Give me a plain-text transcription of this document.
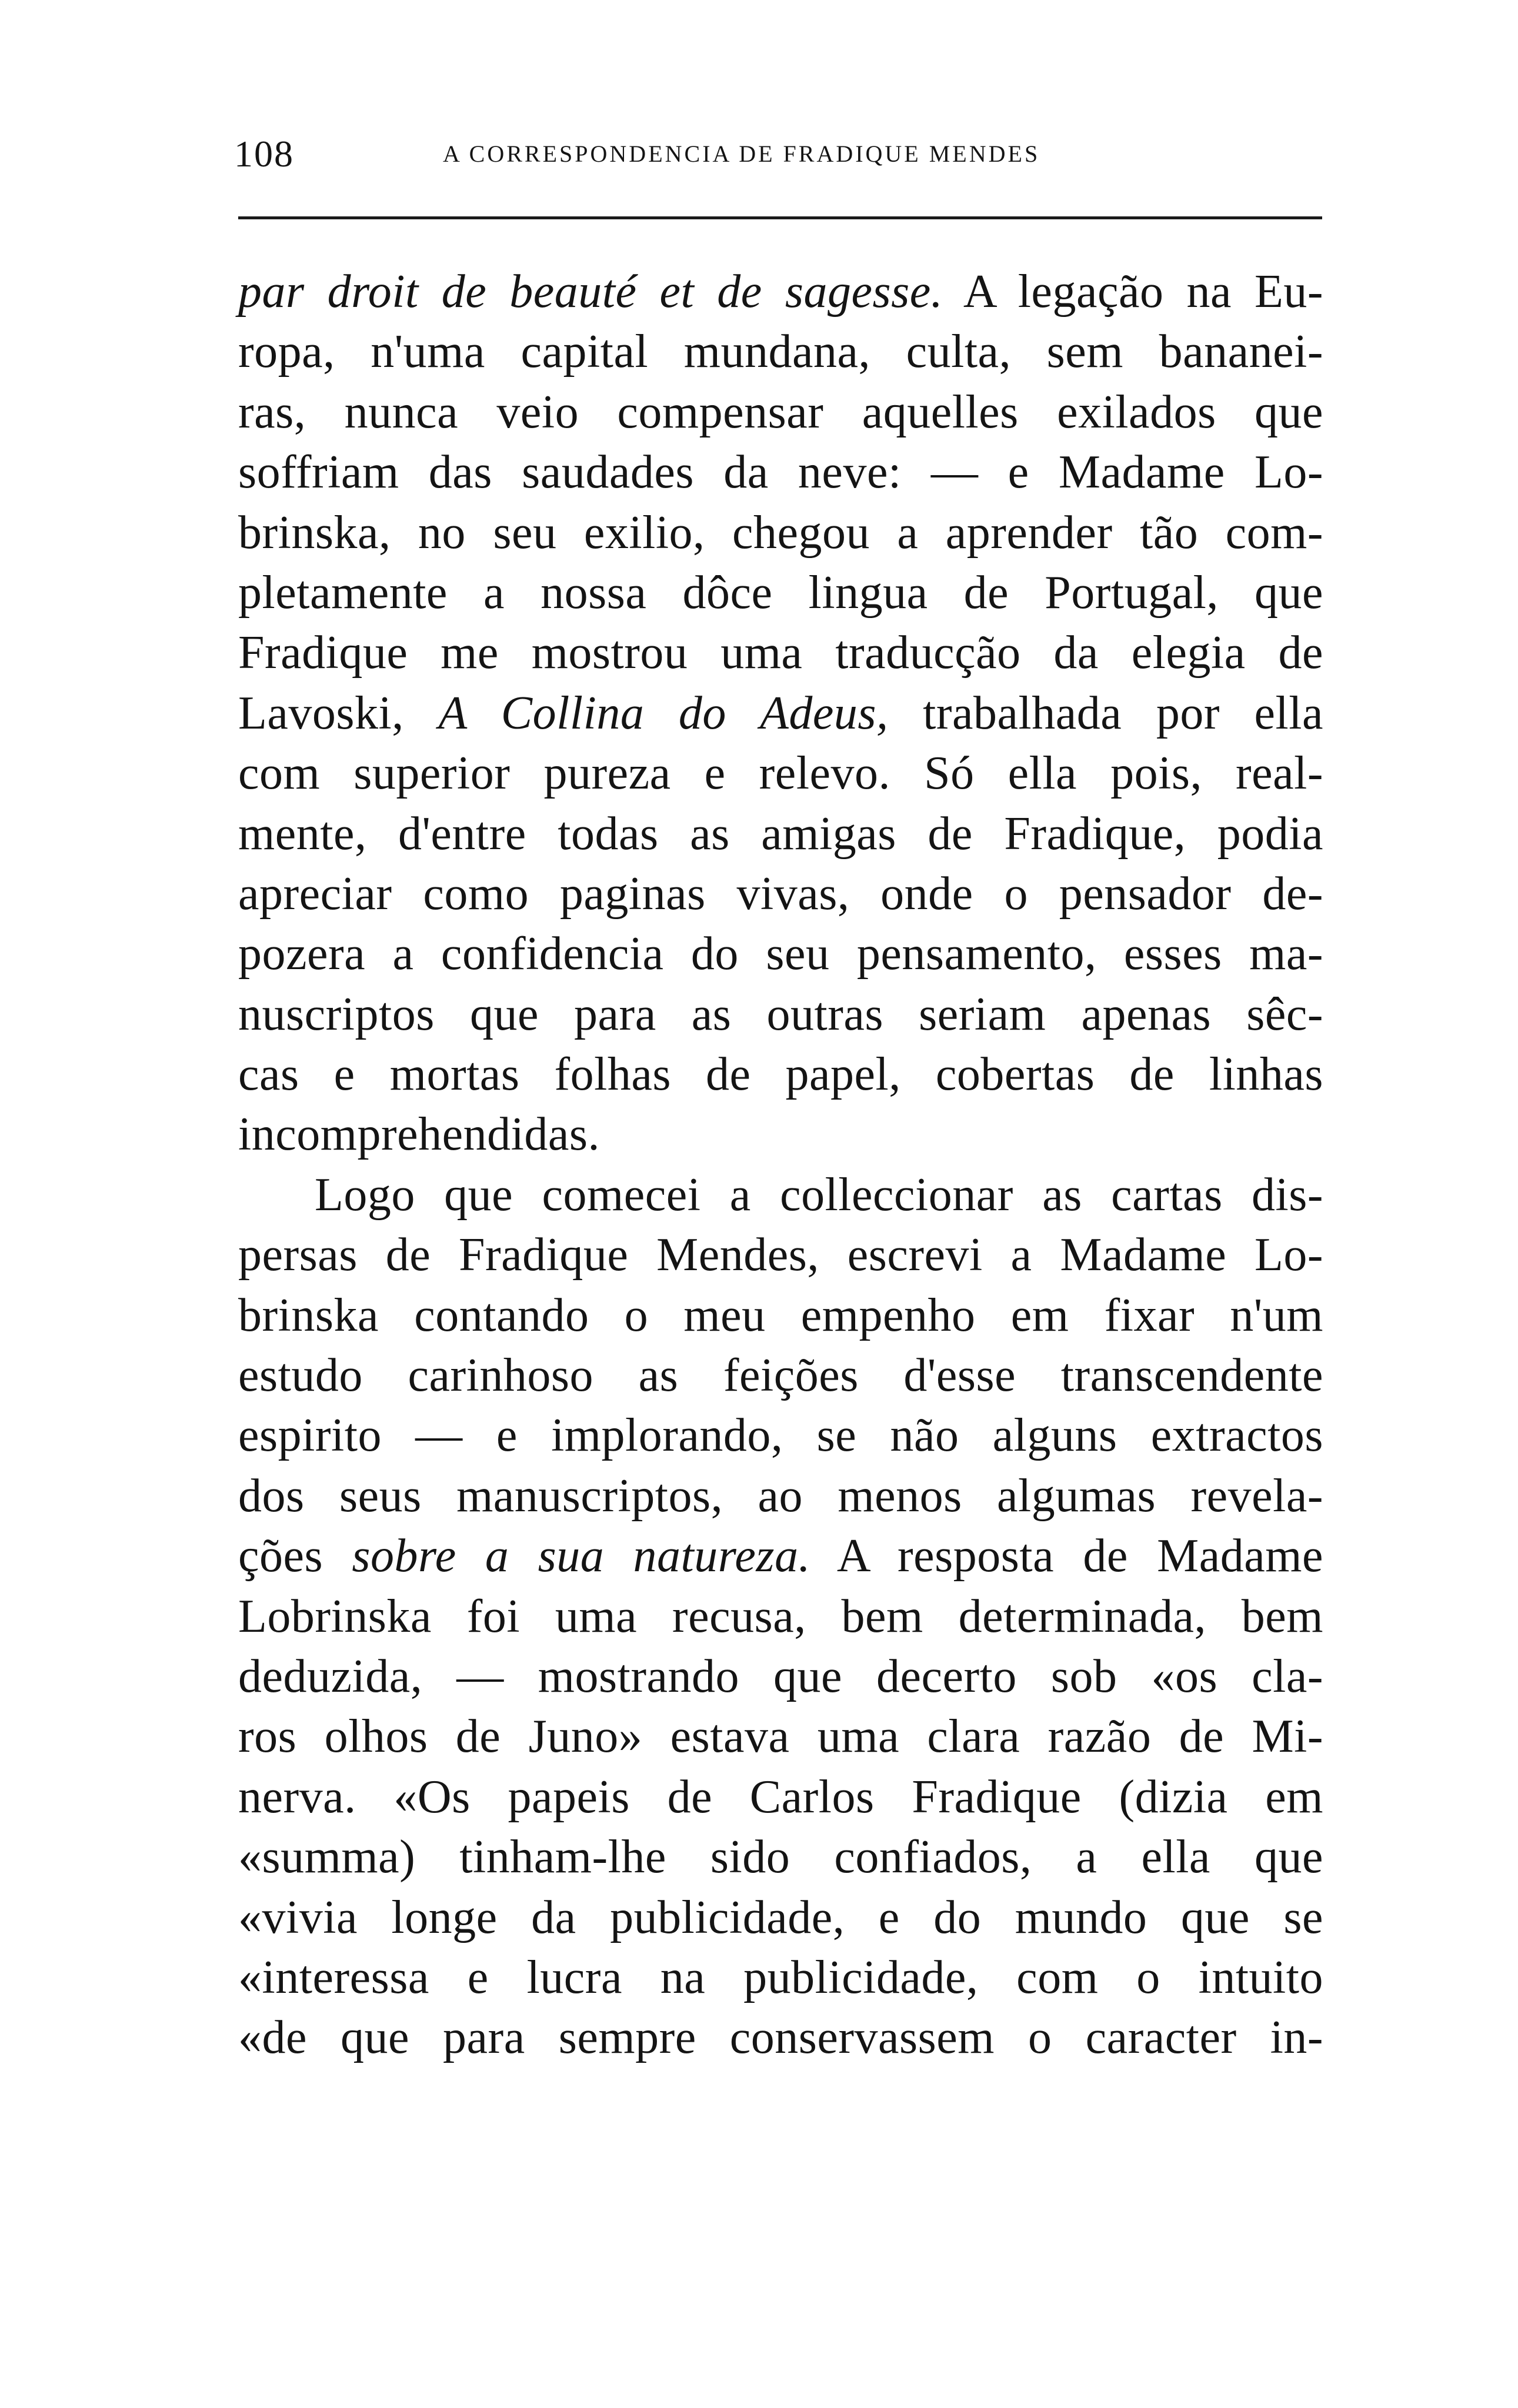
108	A CORRESPONDENCIA DE FRADIQUE MENDES
par droit de beauté et de sagesse. A legação na Eu-
ropa, n'uma capital mundana, culta, sem bananei-
ras, nunca veio compensar aquelles exilados que
soffriam das saudades da neve: — e Madame Lo-
brinska, no seu exilio, chegou a aprender tão com-
pletamente a nossa dôce lingua de Portugal, que
Fradique me mostrou uma traducção da elegia de
Lavoski, A Collina do Adeus, trabalhada por ella
com superior pureza e relevo. Só ella pois, real-
mente, d'entre todas as amigas de Fradique, podia
apreciar como paginas vivas, onde o pensador de-
pozera a confidencia do seu pensamento, esses ma-
nuscriptos que para as outras seriam apenas sêc-
cas e mortas folhas de papel, cobertas de linhas
incomprehendidas.
Logo que comecei a colleccionar as cartas dis-
persas de Fradique Mendes, escrevi a Madame Lo-
brinska contando o meu empenho em fixar n'um
estudo carinhoso as feições d'esse transcendente
espirito — e implorando, se não alguns extractos
dos seus manuscriptos, ao menos algumas revela-
ções sobre a sua natureza. A resposta de Madame
Lobrinska foi uma recusa, bem determinada, bem
deduzida, — mostrando que decerto sob «os cla-
ros olhos de Juno» estava uma clara razão de Mi-
nerva. «Os papeis de Carlos Fradique (dizia em
«summa) tinham-lhe sido confiados, a ella que
«vivia longe da publicidade, e do mundo que se
«interessa e lucra na publicidade, com o intuito
«de que para sempre conservassem o caracter in-
